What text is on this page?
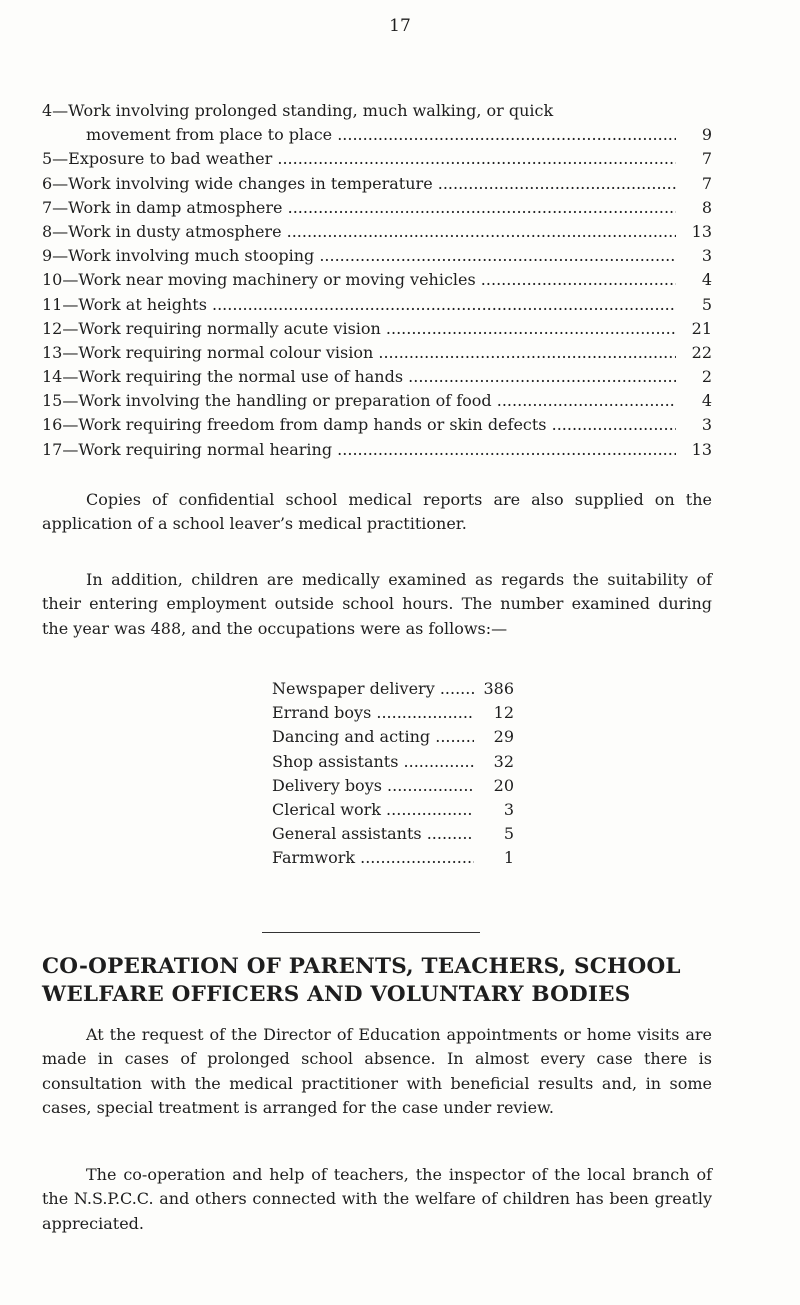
17
4—Work involving prolonged standing, much walking, or quick
movement from place to place .....	9
5—Exposure to bad weather .....	7
6—Work involving wide changes in temperature .....	7
7—Work in damp atmosphere .....	8
8—Work in dusty atmosphere .....	13
9—Work involving much stooping .....	3
10—Work near moving machinery or moving vehicles .....	4
11—Work at heights .....	5
12—Work requiring normally acute vision .....	21
13—Work requiring normal colour vision .....	22
14—Work requiring the normal use of hands .....	2
15—Work involving the handling or preparation of food .....	4
16—Work requiring freedom from damp hands or skin defects .....	3
17—Work requiring normal hearing .....	13
Copies of confidential school medical reports are also supplied on the application of a school leaver’s medical practitioner.
In addition, children are medically examined as regards the suitability of their entering employment outside school hours. The number examined during the year was 488, and the occupations were as follows:—
Newspaper delivery .....	386
Errand boys .....	12
Dancing and acting .....	29
Shop assistants .....	32
Delivery boys .....	20
Clerical work .....	3
General assistants .....	5
Farmwork .....	1
CO-OPERATION OF PARENTS, TEACHERS, SCHOOL WELFARE OFFICERS AND VOLUNTARY BODIES
At the request of the Director of Education appointments or home visits are made in cases of prolonged school absence. In almost every case there is consultation with the medical practitioner with beneficial results and, in some cases, special treatment is arranged for the case under review.
The co-operation and help of teachers, the inspector of the local branch of the N.S.P.C.C. and others connected with the welfare of children has been greatly appreciated.
